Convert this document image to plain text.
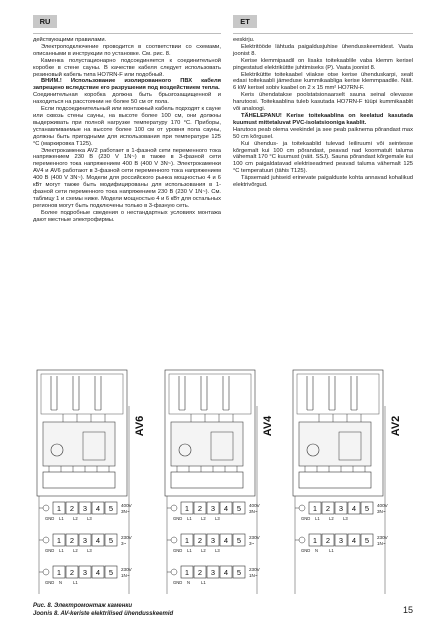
RU	ET

действующими правилами.

Электроподключение проводится в соответствии со схемами, описанными в инструкции по установке. См. рис. 8.

Каменка полустационарно подсоединяется к соединительной коробке в стене сауны. В качестве кабеля следует использовать резиновый кабель типа HO7RN-F или подобный.

ВНИМ.! Использование изолированного ПВХ кабеля запрещено вследствие его разрушения под воздействием тепла.

Соединительная коробка должна быть брызгозащищенной и находиться на расстоянии не более 50 см от пола.

Если подсоединительный или монтажный кабель подходят к сауне или сквозь стены сауны, на высоте более 100 см, они должны выдерживать при полной нагрузке температуру 170 °C. Приборы, устанавливаемые на высоте более 100 см от уровня пола сауны, должны быть пригодными для использования при температуре 125 °C (маркировка T125).

Электрокаменка AV2 работает в 1-фазной сети переменного тока напряжением 230 В (230 V 1N~) в также в 3-фазной сети переменного тока напряжением 400 В (400 V 3N~). Электрокаменки AV4 и AV6 работают в 3-фазной сети переменного тока напряжением 400 В (400 V 3N~). Модели для российского рынка мощностью 4 и 6 кВт могут также быть модифицированы для использования в 1-фазной сети переменного тока напряжением 230 В (230 V 1N~). См. таблицу 1 и схемы ниже. Модели мощностью 4 и 6 кВт для остальных регионов могут быть подключены только в 3-фазную сеть.

Более подробные сведения о нестандартных условиях монтажа дают местные электрофирмы.

eeskirju.

Elektritööde lähtuda paigaldusjuhise ühendusskeemidest. Vaata joonist 8.

Kerise klemmipaadil on lisaks toitekaablile vaba klemm kerisel pingestatud elektriküttte juhtimiseks (P). Vaata joonist 8.

Elektriküttte toitekaabel viiakse otse kerise ühenduskarpi, sealt edasi toitekaabli jämeduse kummikaabliga kerise klemmpaadile. Näit. 6 kW kerisel sobiv kaabel on 2 x 15 mm² HO7RN-F.

Keris ühendatakse poolstatsionaarselt sauna seinal olevasse harutoosi. Toitekaablina tuleb kasutada HO7RN-F tüüpi kummikaablit või analoogi.

TÄHELEPANU! Kerise toitekaablina on keelatud kasutada kuumust mittetaluvat PVC-isolatsiooniga kaablit.

Harutoos peab olema veekindel ja see peab paiknema põrandast max 50 cm kõrgusel.

Kui ühendus- ja toitekaablid tulevad leiliruumi või seintesse kõrgemalt kui 100 cm põrandast, peavad nad koormatult taluma vähemalt 170 °C kuumust (näit. SSJ). Sauna põrandast kõrgemale kui 100 cm paigaldatavad elektriseadmed peavad taluma vähemalt 125 °C temperatuuri (tähis T125).

Täpsemaid juhiseid erinevate paigalduste kohta annavad kohalikud elektrivõrgud.

AV6
1 2 3 4 5
GND L1 L2 L3
400V
3N~
1 2 3 4 5
GND L1 L2 L3
230V
3~
1 2 3 4 5
GND N	L1
230V
1N~
AV4
1 2 3 4 5
GND L1 L2 L3
400V
3N~
1 2 3 4 5
GND L1 L2 L3
230V
3~
1 2 3 4 5
GND N	L1
230V
1N~
AV2
1 2 3 4 5
GND L1 L2 L3
400V
3N~
1 2 3 4 5
GND N	L1
230V
1N~
Рис. 8. Электромонтаж каменки
Joonis 8. AV-keriste elektrilised ühendusskeemid	15
